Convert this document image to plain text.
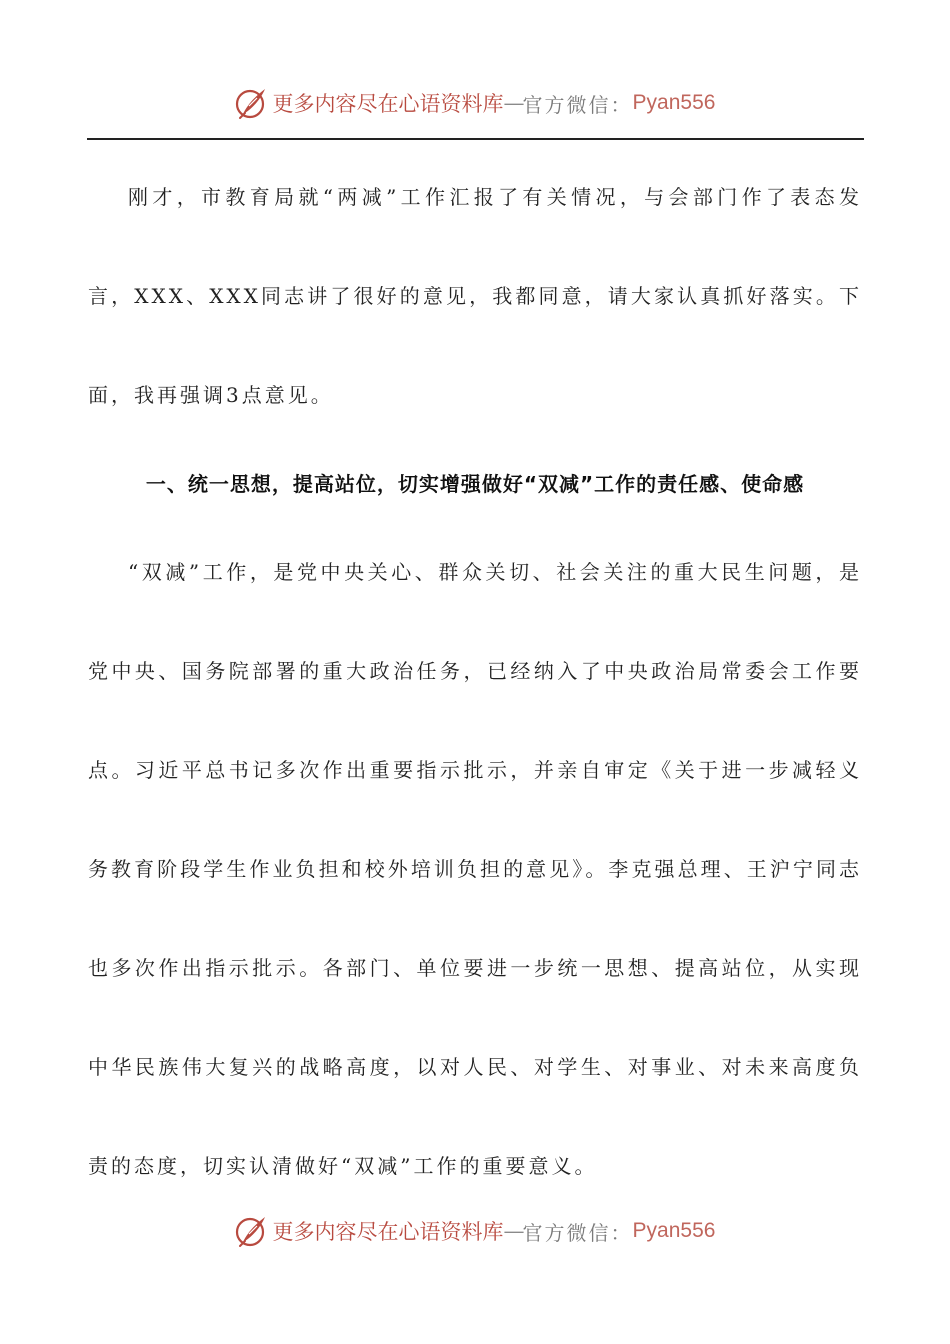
更多内容尽在心语资料库 — 官方微信： Pyan556

刚才，市教育局就“两减”工作汇报了有关情况，与会部门作了表态发言，XXX、XXX同志讲了很好的意见，我都同意，请大家认真抓好落实。下面，我再强调3点意见。

一、统一思想，提高站位，切实增强做好“双减”工作的责任感、使命感

“双减”工作，是党中央关心、群众关切、社会关注的重大民生问题，是党中央、国务院部署的重大政治任务，已经纳入了中央政治局常委会工作要点。习近平总书记多次作出重要指示批示，并亲自审定《关于进一步减轻义务教育阶段学生作业负担和校外培训负担的意见》。李克强总理、王沪宁同志也多次作出指示批示。各部门、单位要进一步统一思想、提高站位，从实现中华民族伟大复兴的战略高度，以对人民、对学生、对事业、对未来高度负责的态度，切实认清做好“双减”工作的重要意义。

更多内容尽在心语资料库 — 官方微信： Pyan556
